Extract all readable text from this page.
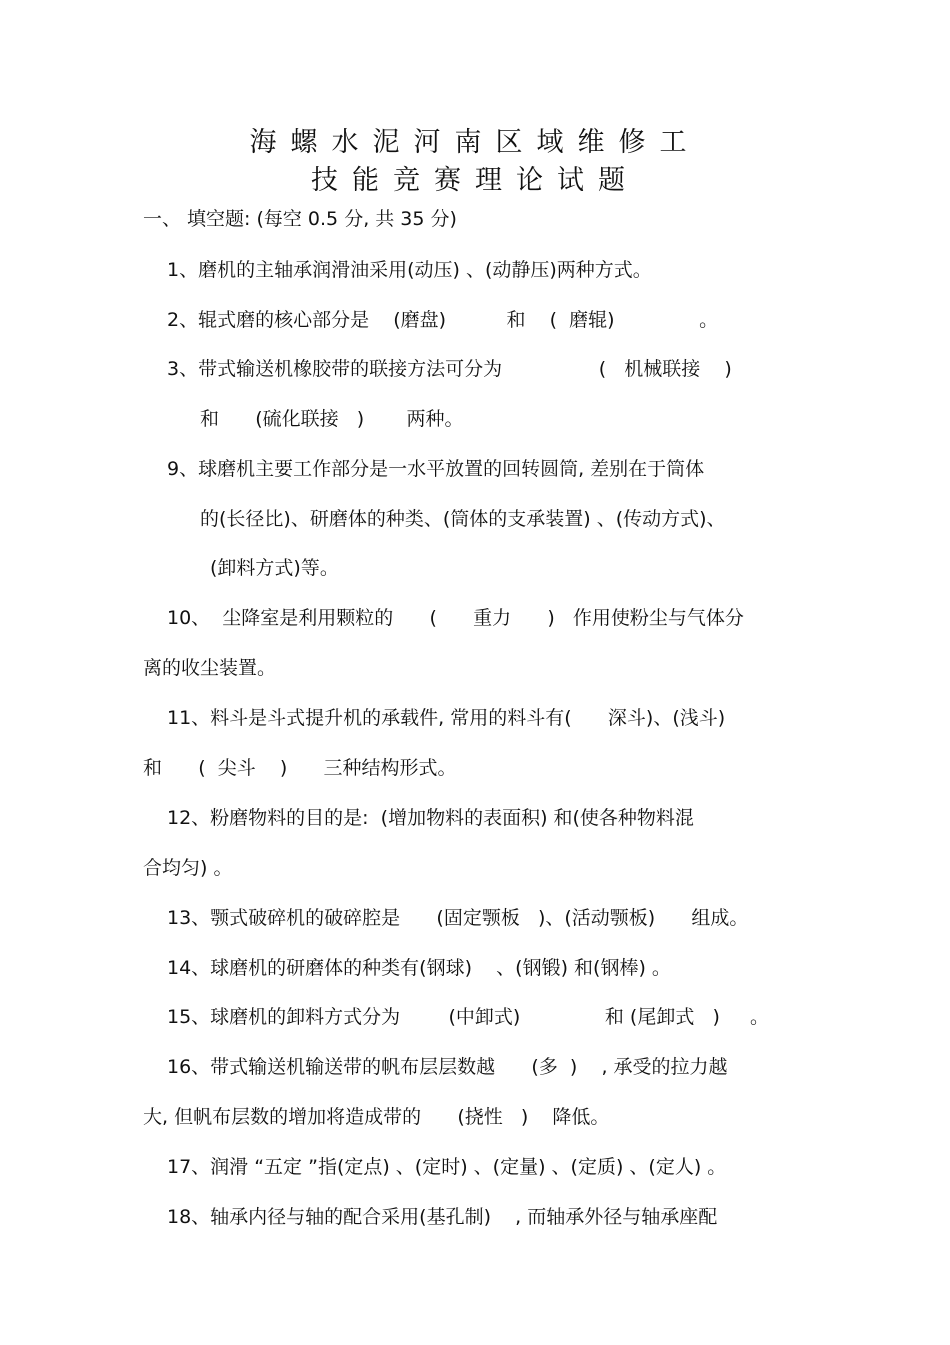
海螺水泥河南区域维修工
技能竞赛理论试题
一、 填空题: (每空 0.5 分, 共 35 分)
1、磨机的主轴承润滑油采用(动压) 、(动静压)两种方式。
2、辊式磨的核心部分是    (磨盘)          和    (  磨辊)              。
3、带式输送机橡胶带的联接方法可分为                (   机械联接    )
和      (硫化联接   )       两种。
9、球磨机主要工作部分是一水平放置的回转圆筒, 差别在于筒体
的(长径比)、研磨体的种类、(筒体的支承装置) 、(传动方式)、
(卸料方式)等。
10、  尘降室是利用颗粒的      (      重力      )   作用使粉尘与气体分
离的收尘装置。
11、料斗是斗式提升机的承载件, 常用的料斗有(      深斗)、(浅斗)
和      (  尖斗    )      三种结构形式。
12、粉磨物料的目的是:  (增加物料的表面积) 和(使各种物料混
合均匀) 。
13、颚式破碎机的破碎腔是      (固定颚板   )、(活动颚板)      组成。
14、球磨机的研磨体的种类有(钢球)    、(钢锻) 和(钢棒) 。
15、球磨机的卸料方式分为        (中卸式)              和 (尾卸式   )     。
16、带式输送机输送带的帆布层层数越      (多  )    , 承受的拉力越
大, 但帆布层数的增加将造成带的      (挠性   )    降低。
17、润滑 “五定 ”指(定点) 、(定时) 、(定量) 、(定质) 、(定人) 。
18、轴承内径与轴的配合采用(基孔制)    , 而轴承外径与轴承座配
